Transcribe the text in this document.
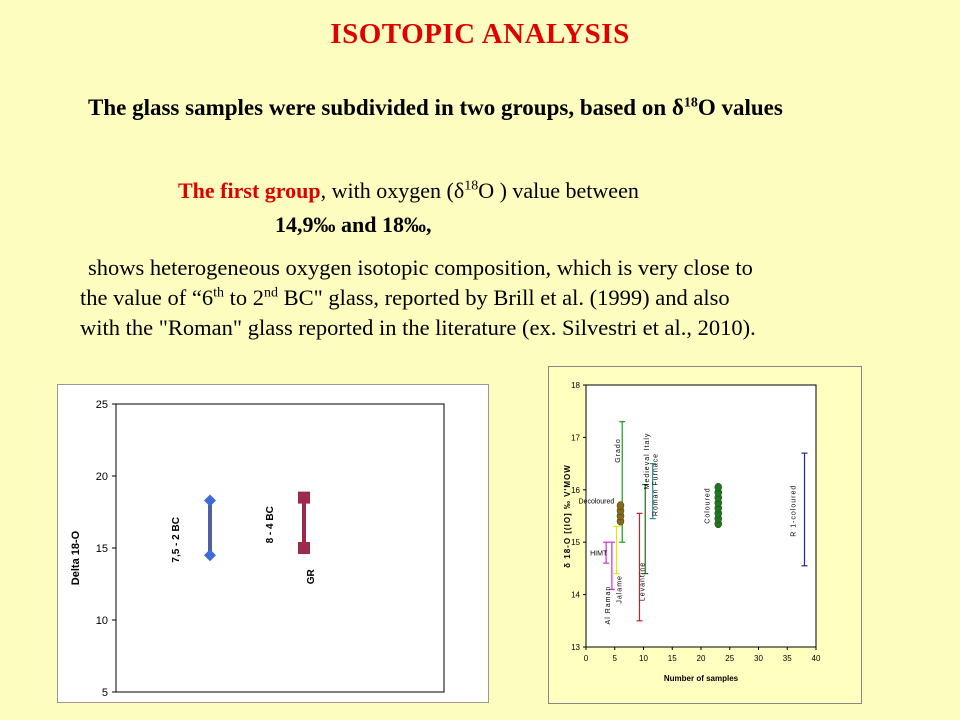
ISOTOPIC ANALYSIS
The glass samples were subdivided in two groups, based on $\delta^{18}O$ values
The first group, with oxygen ($\delta^{18}O$ ) value between
14,9‰ and 18‰,

shows heterogeneous oxygen isotopic composition, which is very close to

the value of “6th to 2nd BC" glass, reported by Brill et al. (1999) and also

with the "Roman" glass reported in the literature (ex. Silvestri et al., 2010).

5
10
15
20
25
Delta 18-O	7,5 - 2 BC	8 - 4 BC
GR
13
14
15
16
17
18
0	5	10 15 20 25 30 35 40
Number of samples
δ 18-O [(IO] ‰ V'MOW	HIMT
Al Raman Jalame
Grado
Levantine
Medieval Italy Roman Furnace	R 1-coloured
Decoloured	Coloured
